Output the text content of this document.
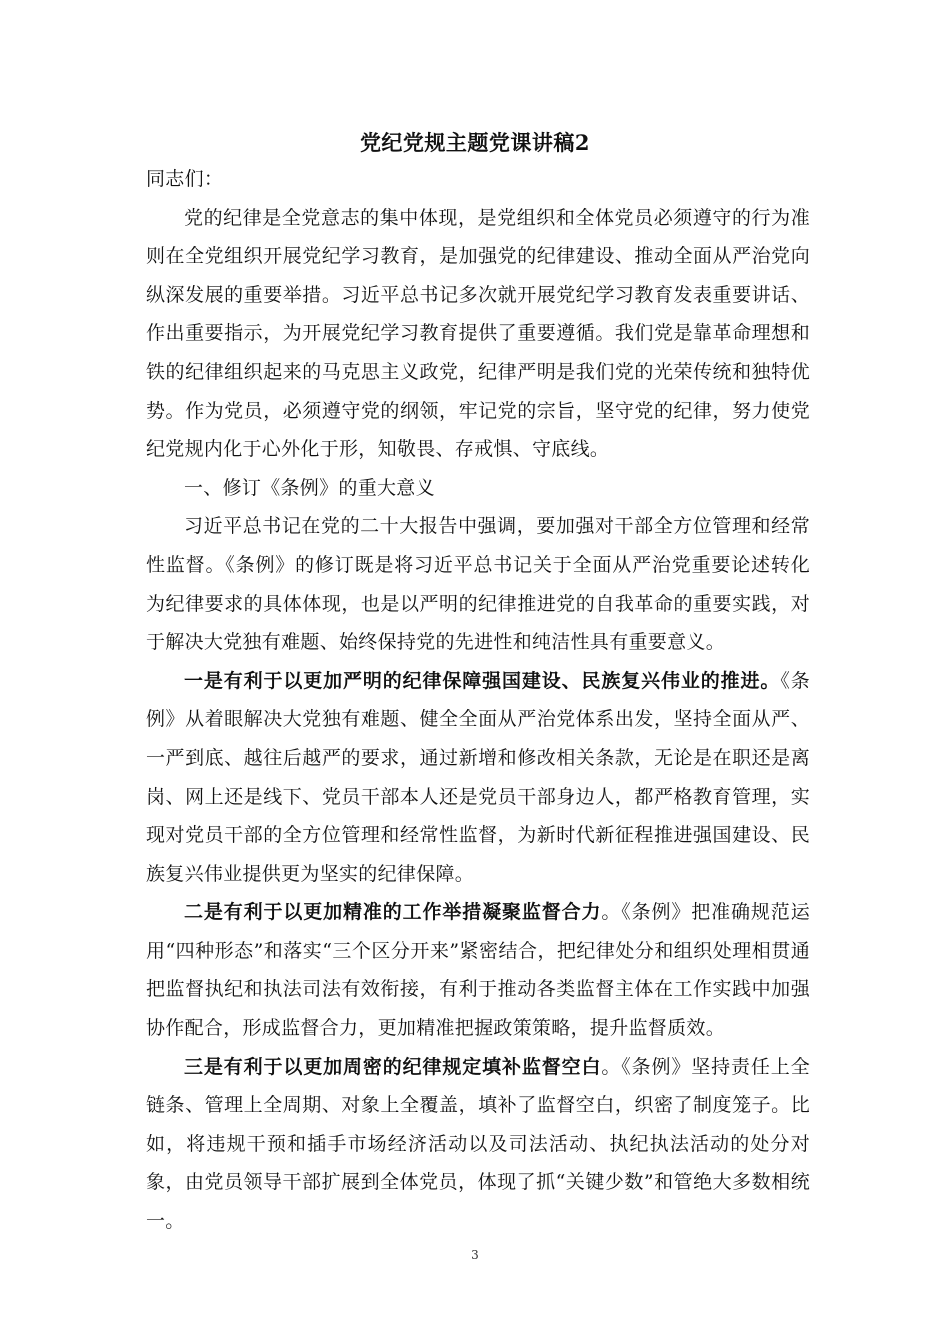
党纪党规主题党课讲稿2

同志们：

党的纪律是全党意志的集中体现，是党组织和全体党员必须遵守的行为准则在全党组织开展党纪学习教育，是加强党的纪律建设、推动全面从严治党向纵深发展的重要举措。习近平总书记多次就开展党纪学习教育发表重要讲话、作出重要指示，为开展党纪学习教育提供了重要遵循。我们党是靠革命理想和铁的纪律组织起来的马克思主义政党，纪律严明是我们党的光荣传统和独特优势。作为党员，必须遵守党的纲领，牢记党的宗旨，坚守党的纪律，努力使党纪党规内化于心外化于形，知敬畏、存戒惧、守底线。

一、修订《条例》的重大意义

习近平总书记在党的二十大报告中强调，要加强对干部全方位管理和经常性监督。《条例》的修订既是将习近平总书记关于全面从严治党重要论述转化为纪律要求的具体体现，也是以严明的纪律推进党的自我革命的重要实践，对于解决大党独有难题、始终保持党的先进性和纯洁性具有重要意义。

一是有利于以更加严明的纪律保障强国建设、民族复兴伟业的推进。《条例》从着眼解决大党独有难题、健全全面从严治党体系出发，坚持全面从严、一严到底、越往后越严的要求，通过新增和修改相关条款，无论是在职还是离岗、网上还是线下、党员干部本人还是党员干部身边人，都严格教育管理，实现对党员干部的全方位管理和经常性监督，为新时代新征程推进强国建设、民族复兴伟业提供更为坚实的纪律保障。

二是有利于以更加精准的工作举措凝聚监督合力。《条例》把准确规范运用“四种形态”和落实“三个区分开来”紧密结合，把纪律处分和组织处理相贯通把监督执纪和执法司法有效衔接，有利于推动各类监督主体在工作实践中加强协作配合，形成监督合力，更加精准把握政策策略，提升监督质效。

三是有利于以更加周密的纪律规定填补监督空白。《条例》坚持责任上全链条、管理上全周期、对象上全覆盖，填补了监督空白，织密了制度笼子。比如，将违规干预和插手市场经济活动以及司法活动、执纪执法活动的处分对象，由党员领导干部扩展到全体党员，体现了抓“关键少数”和管绝大多数相统一。

3
